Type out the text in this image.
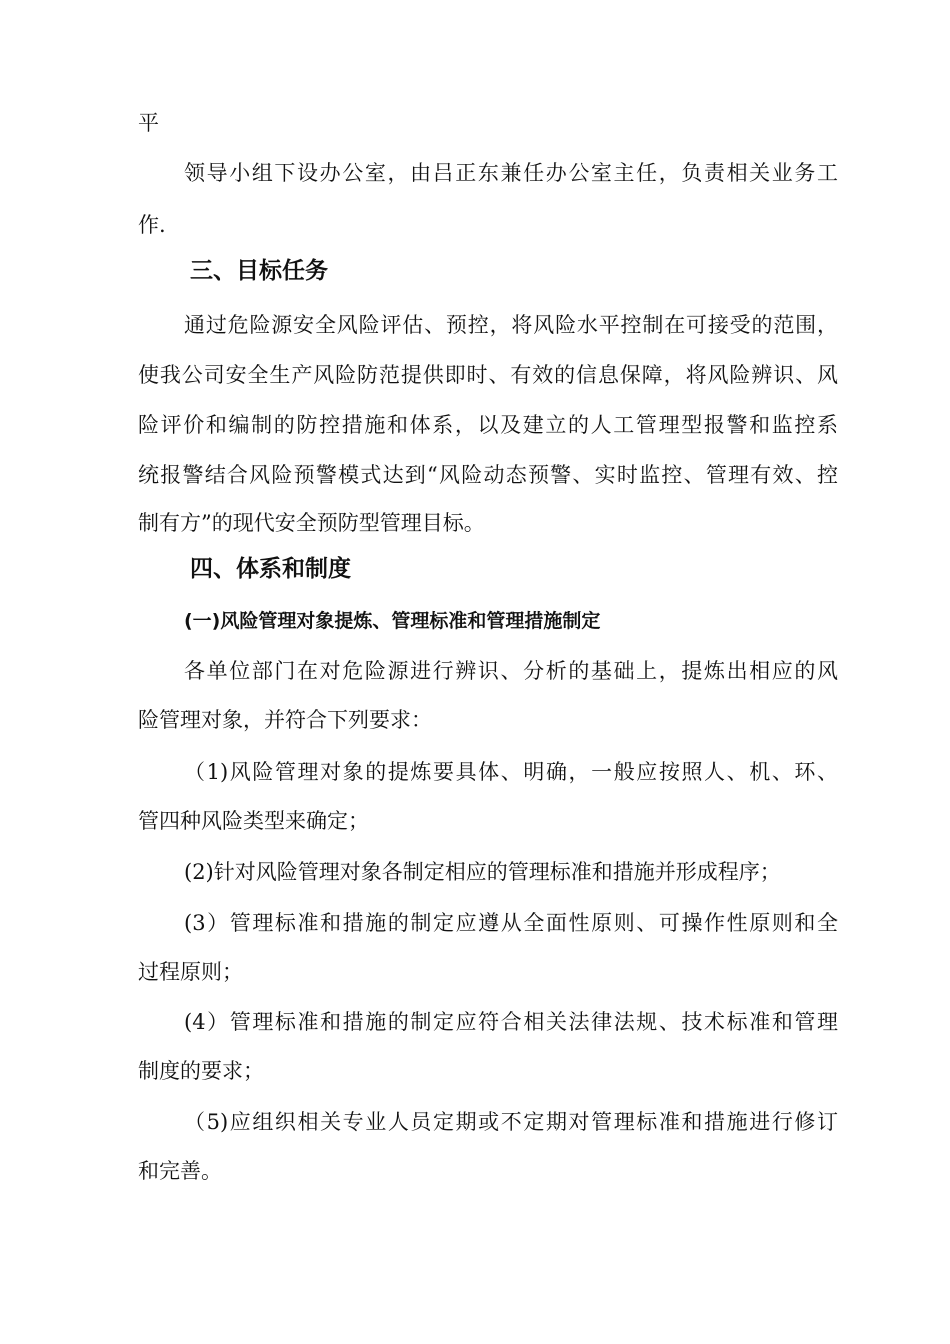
平

领导小组下设办公室，由吕正东兼任办公室主任，负责相关业务工

作.

三、目标任务

通过危险源安全风险评估、预控，将风险水平控制在可接受的范围，

使我公司安全生产风险防范提供即时、有效的信息保障，将风险辨识、风

险评价和编制的防控措施和体系，以及建立的人工管理型报警和监控系

统报警结合风险预警模式达到“风险动态预警、实时监控、管理有效、控

制有方”的现代安全预防型管理目标。

四、体系和制度
(一)风险管理对象提炼、管理标准和管理措施制定

各单位部门在对危险源进行辨识、分析的基础上，提炼出相应的风

险管理对象，并符合下列要求：

（1)风险管理对象的提炼要具体、明确，一般应按照人、机、环、

管四种风险类型来确定；

(2)针对风险管理对象各制定相应的管理标准和措施并形成程序；

(3）管理标准和措施的制定应遵从全面性原则、可操作性原则和全

过程原则；

(4）管理标准和措施的制定应符合相关法律法规、技术标准和管理

制度的要求；

（5)应组织相关专业人员定期或不定期对管理标准和措施进行修订

和完善。
